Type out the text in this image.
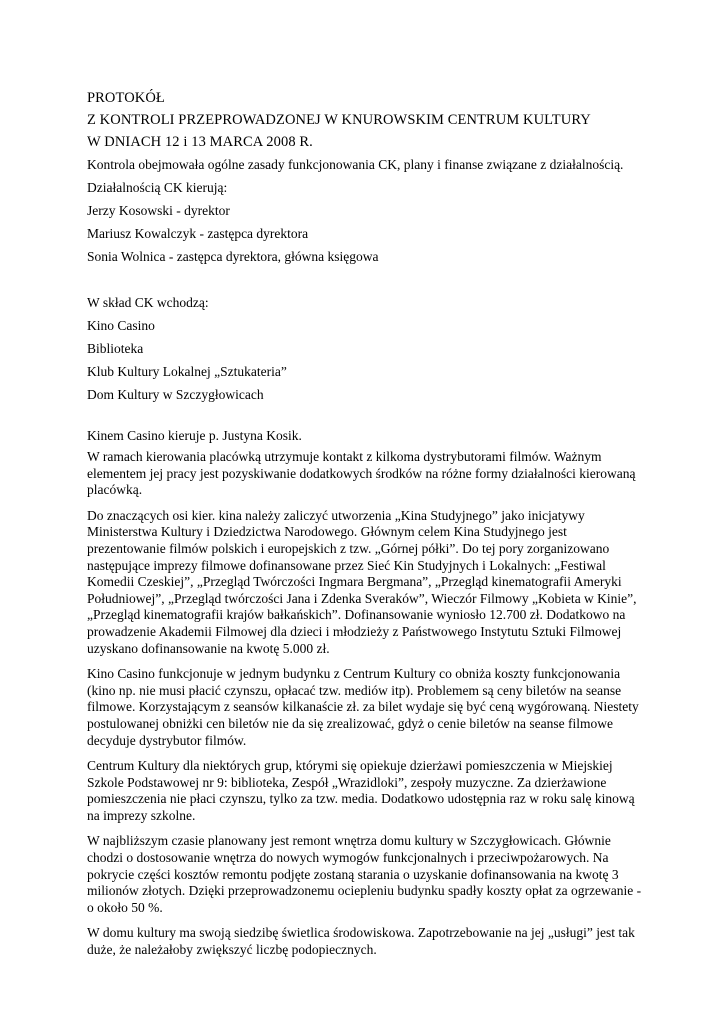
PROTOKÓŁ
Z KONTROLI PRZEPROWADZONEJ W KNUROWSKIM CENTRUM KULTURY
W DNIACH 12 i 13 MARCA 2008 R.
Kontrola obejmowała ogólne zasady funkcjonowania CK, plany i finanse związane z działalnością.
Działalnością CK kierują:
Jerzy Kosowski - dyrektor
Mariusz Kowalczyk - zastępca dyrektora
Sonia Wolnica - zastępca dyrektora, główna księgowa
W skład CK wchodzą:
Kino Casino
Biblioteka
Klub Kultury Lokalnej „Sztukateria”
Dom Kultury w Szczygłowicach
Kinem Casino kieruje p. Justyna Kosik.

W ramach kierowania placówką utrzymuje kontakt z kilkoma dystrybutorami filmów. Ważnym elementem jej pracy jest pozyskiwanie dodatkowych środków na różne formy działalności kierowaną placówką.

Do znaczących osi kier. kina należy zaliczyć utworzenia „Kina Studyjnego” jako inicjatywy Ministerstwa Kultury i Dziedzictwa Narodowego. Głównym celem Kina Studyjnego jest prezentowanie filmów polskich i europejskich z tzw. „Górnej półki”. Do tej pory zorganizowano następujące imprezy filmowe dofinansowane przez Sieć Kin Studyjnych i Lokalnych: „Festiwal Komedii Czeskiej”, „Przegląd Twórczości Ingmara Bergmana”, „Przegląd kinematografii Ameryki Południowej”, „Przegląd twórczości Jana i Zdenka Sveraków”, Wieczór Filmowy „Kobieta w Kinie”, „Przegląd kinematografii krajów bałkańskich”. Dofinansowanie wyniosło 12.700 zł. Dodatkowo na prowadzenie Akademii Filmowej dla dzieci i młodzieży z Państwowego Instytutu Sztuki Filmowej uzyskano dofinansowanie na kwotę 5.000 zł.

Kino Casino funkcjonuje w jednym budynku z Centrum Kultury co obniża koszty funkcjonowania (kino np. nie musi płacić czynszu, opłacać tzw. mediów itp). Problemem są ceny biletów na seanse filmowe. Korzystającym z seansów kilkanaście zł. za bilet wydaje się być ceną wygórowaną. Niestety postulowanej obniżki cen biletów nie da się zrealizować, gdyż o cenie biletów na seanse filmowe decyduje dystrybutor filmów.

Centrum Kultury dla niektórych grup, którymi się opiekuje dzierżawi pomieszczenia w Miejskiej Szkole Podstawowej nr 9: biblioteka, Zespół „Wrazidloki”, zespoły muzyczne. Za dzierżawione pomieszczenia nie płaci czynszu, tylko za tzw. media. Dodatkowo udostępnia raz w roku salę kinową na imprezy szkolne.

W najbliższym czasie planowany jest remont wnętrza domu kultury w Szczygłowicach. Głównie chodzi o dostosowanie wnętrza do nowych wymogów funkcjonalnych i przeciwpożarowych. Na pokrycie części kosztów remontu podjęte zostaną starania o uzyskanie dofinansowania na kwotę 3 milionów złotych. Dzięki przeprowadzonemu ociepleniu budynku spadły koszty opłat za ogrzewanie - o około 50 %.

W domu kultury ma swoją siedzibę świetlica środowiskowa. Zapotrzebowanie na jej „usługi” jest tak duże, że należałoby zwiększyć liczbę podopiecznych.
